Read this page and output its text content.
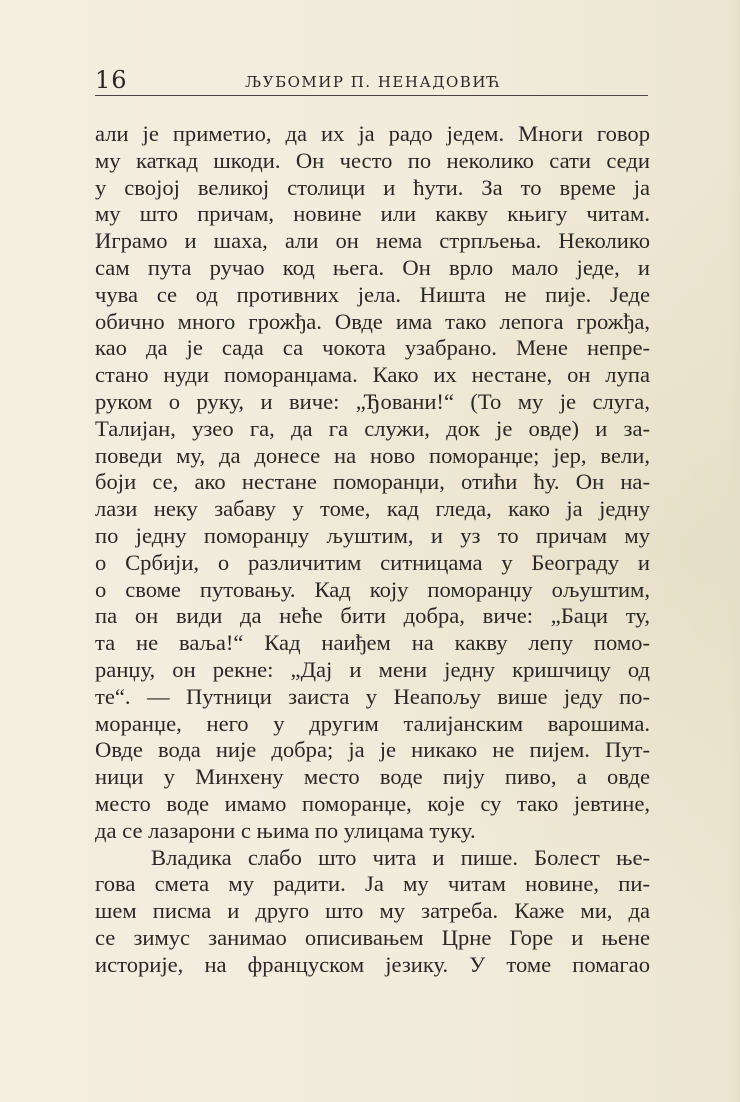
16	ЉУБОМИР П. НЕНАДОВИЋ
али је приметио, да их ја радо једем. Многи говор
му каткад шкоди. Он често по неколико сати седи
у својој великој столици и ћути. За то време ја
му што причам, новине или какву књигу читам.
Играмо и шаха, али он нема стрпљења. Неколико
сам пута ручао код њега. Он врло мало једе, и
чува се од противних јела. Ништа не пије. Једе
обично много грожђа. Овде има тако лепога грожђа,
као да је сада са чокота узабрано. Мене непре-
стано нуди поморанџама. Како их нестане, он лупа
руком о руку, и виче: „Ђовани!“ (То му је слуга,
Талијан, узео га, да га служи, док је овде) и за-
поведи му, да донесе на ново поморанџе; јер, вели,
боји се, ако нестане поморанџи, отићи ћу. Он на-
лази неку забаву у томе, кад гледа, како ја једну
по једну поморанџу љуштим, и уз то причам му
о Србији, о различитим ситницама у Београду и
о своме путовању. Кад коју поморанџу ољуштим,
па он види да неће бити добра, виче: „Баци ту,
та не ваља!“ Кад наиђем на какву лепу помо-
ранџу, он рекне: „Дај и мени једну кришчицу од
те“. — Путници заиста у Неапољу више једу по-
моранџе, него у другим талијанским варошима.
Овде вода није добра; ја је никако не пијем. Пут-
ници у Минхену место воде пију пиво, а овде
место воде имамо поморанџе, које су тако јевтине,
да се лазарони с њима по улицама туку.
Владика слабо што чита и пише. Болест ње-
гова смета му радити. Ја му читам новине, пи-
шем писма и друго што му затреба. Каже ми, да
се зимус занимао описивањем Црне Горе и њене
историје, на француском језику. У томе помагао
